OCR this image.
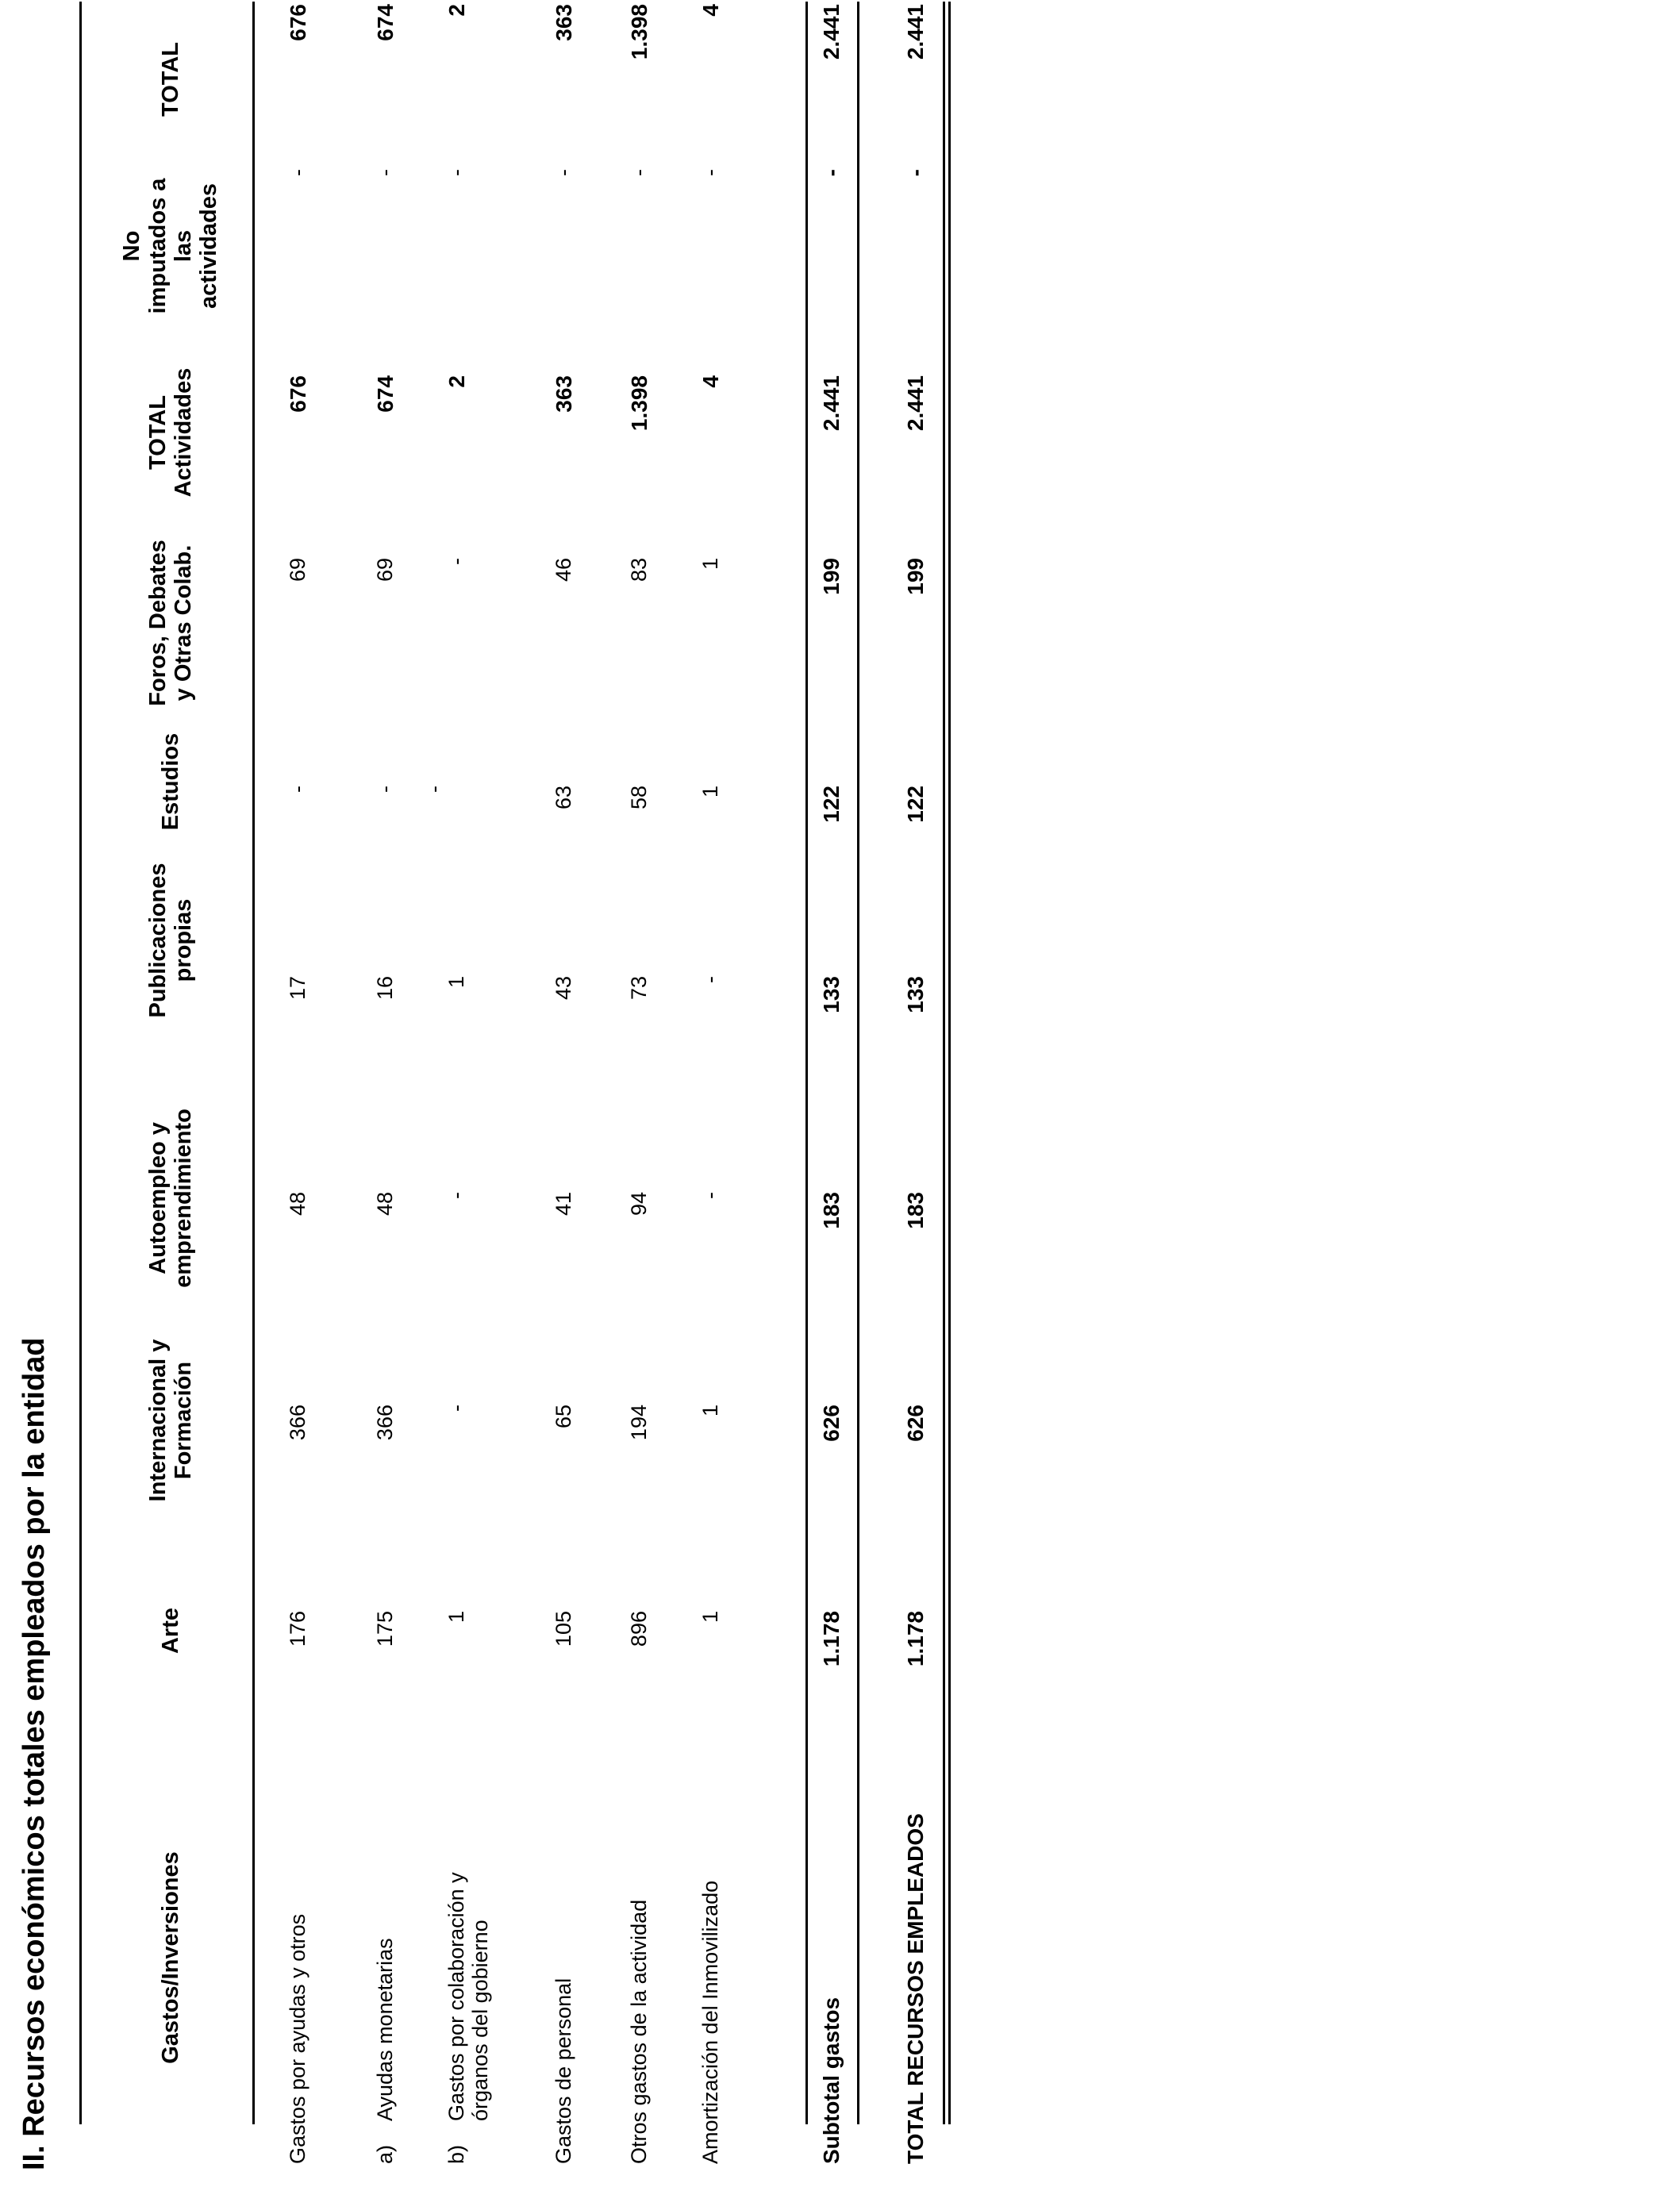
II. Recursos económicos totales empleados por la entidad	Gastos/Inversiones
Arte
Internacional y
Formación
Autoempleo y
emprendimiento
Publicaciones
propias
Estudios
Foros, Debates
y Otras Colab.
TOTAL
Actividades
No
imputados a
las
actividades
TOTAL
Gastos por ayudas y otros
176
366
48
17
-
69
676
-
676
a)
Ayudas monetarias
175
366
48
16
-
69
674
-
674
b)
Gastos por colaboración y
órganos del gobierno
1
-
-
1
-
-
2
-
2
Gastos de personal
105
65
41
43
63
46
363
-
363
Otros gastos de la actividad
896
194
94
73
58
83
1.398
-
1.398
Amortización del Inmovilizado
1
1
-
-
1
1
4
-
4
Subtotal gastos
1.178
626
183
133
122
199
2.441
-
2.441
TOTAL RECURSOS EMPLEADOS
1.178
626
183
133
122
199
2.441
-
2.441
